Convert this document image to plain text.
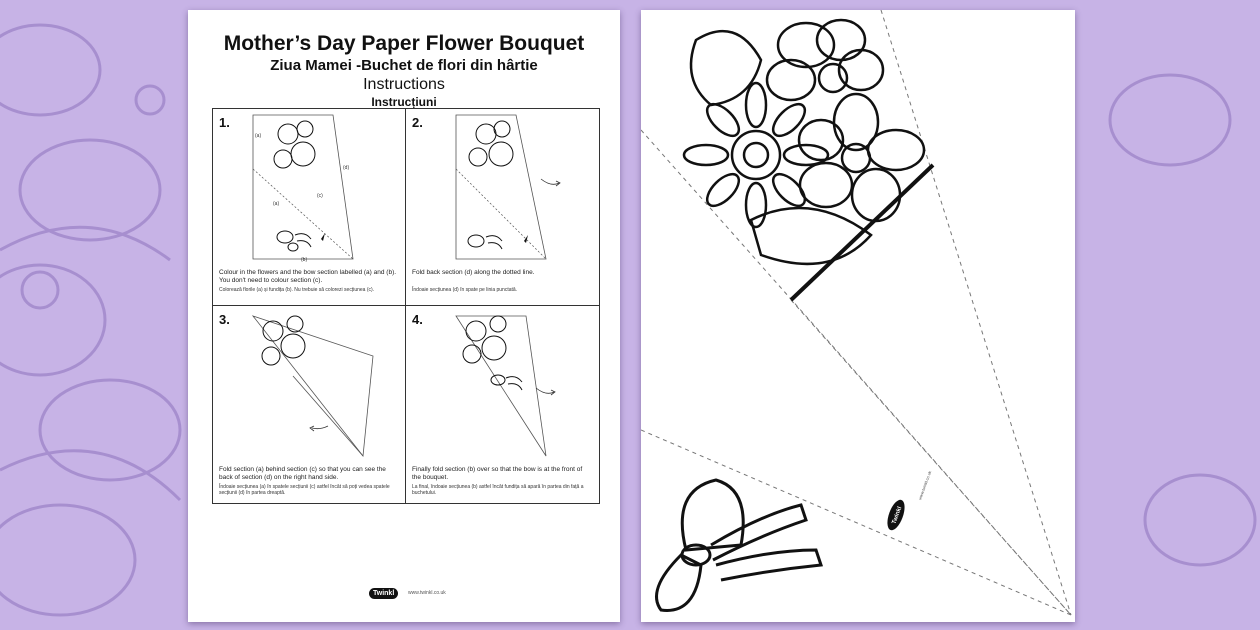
Mother’s Day Paper Flower Bouquet
Ziua Mamei -Buchet de flori din hârtie
Instructions
Instrucțiuni
1.
(a)
(d)
(c)
(a)
(b)
Colour in the flowers and the bow section labelled (a) and (b). You don't need to colour section (c).
Colorează florile (a) și fundița (b). Nu trebuie să colorezi secțiunea (c).
2.
Fold back section (d) along the dotted line.
Îndoaie secțiunea (d) în spate pe linia punctată.
3.
Fold section (a) behind section (c) so that you can see the back of section (d) on the right hand side.
Îndoaie secțiunea (a) în spatele secțiunii (c) astfel încât să poți vedea spatele secțiunii (d) în partea dreaptă.
4.
Finally fold section (b) over so that the bow is at the front of the bouquet.
La final, îndoaie secțiunea (b) astfel încât fundița să apară în partea din față a buchetului.
Twinkl	www.twinkl.co.uk
Twinkl
www.twinkl.co.uk
